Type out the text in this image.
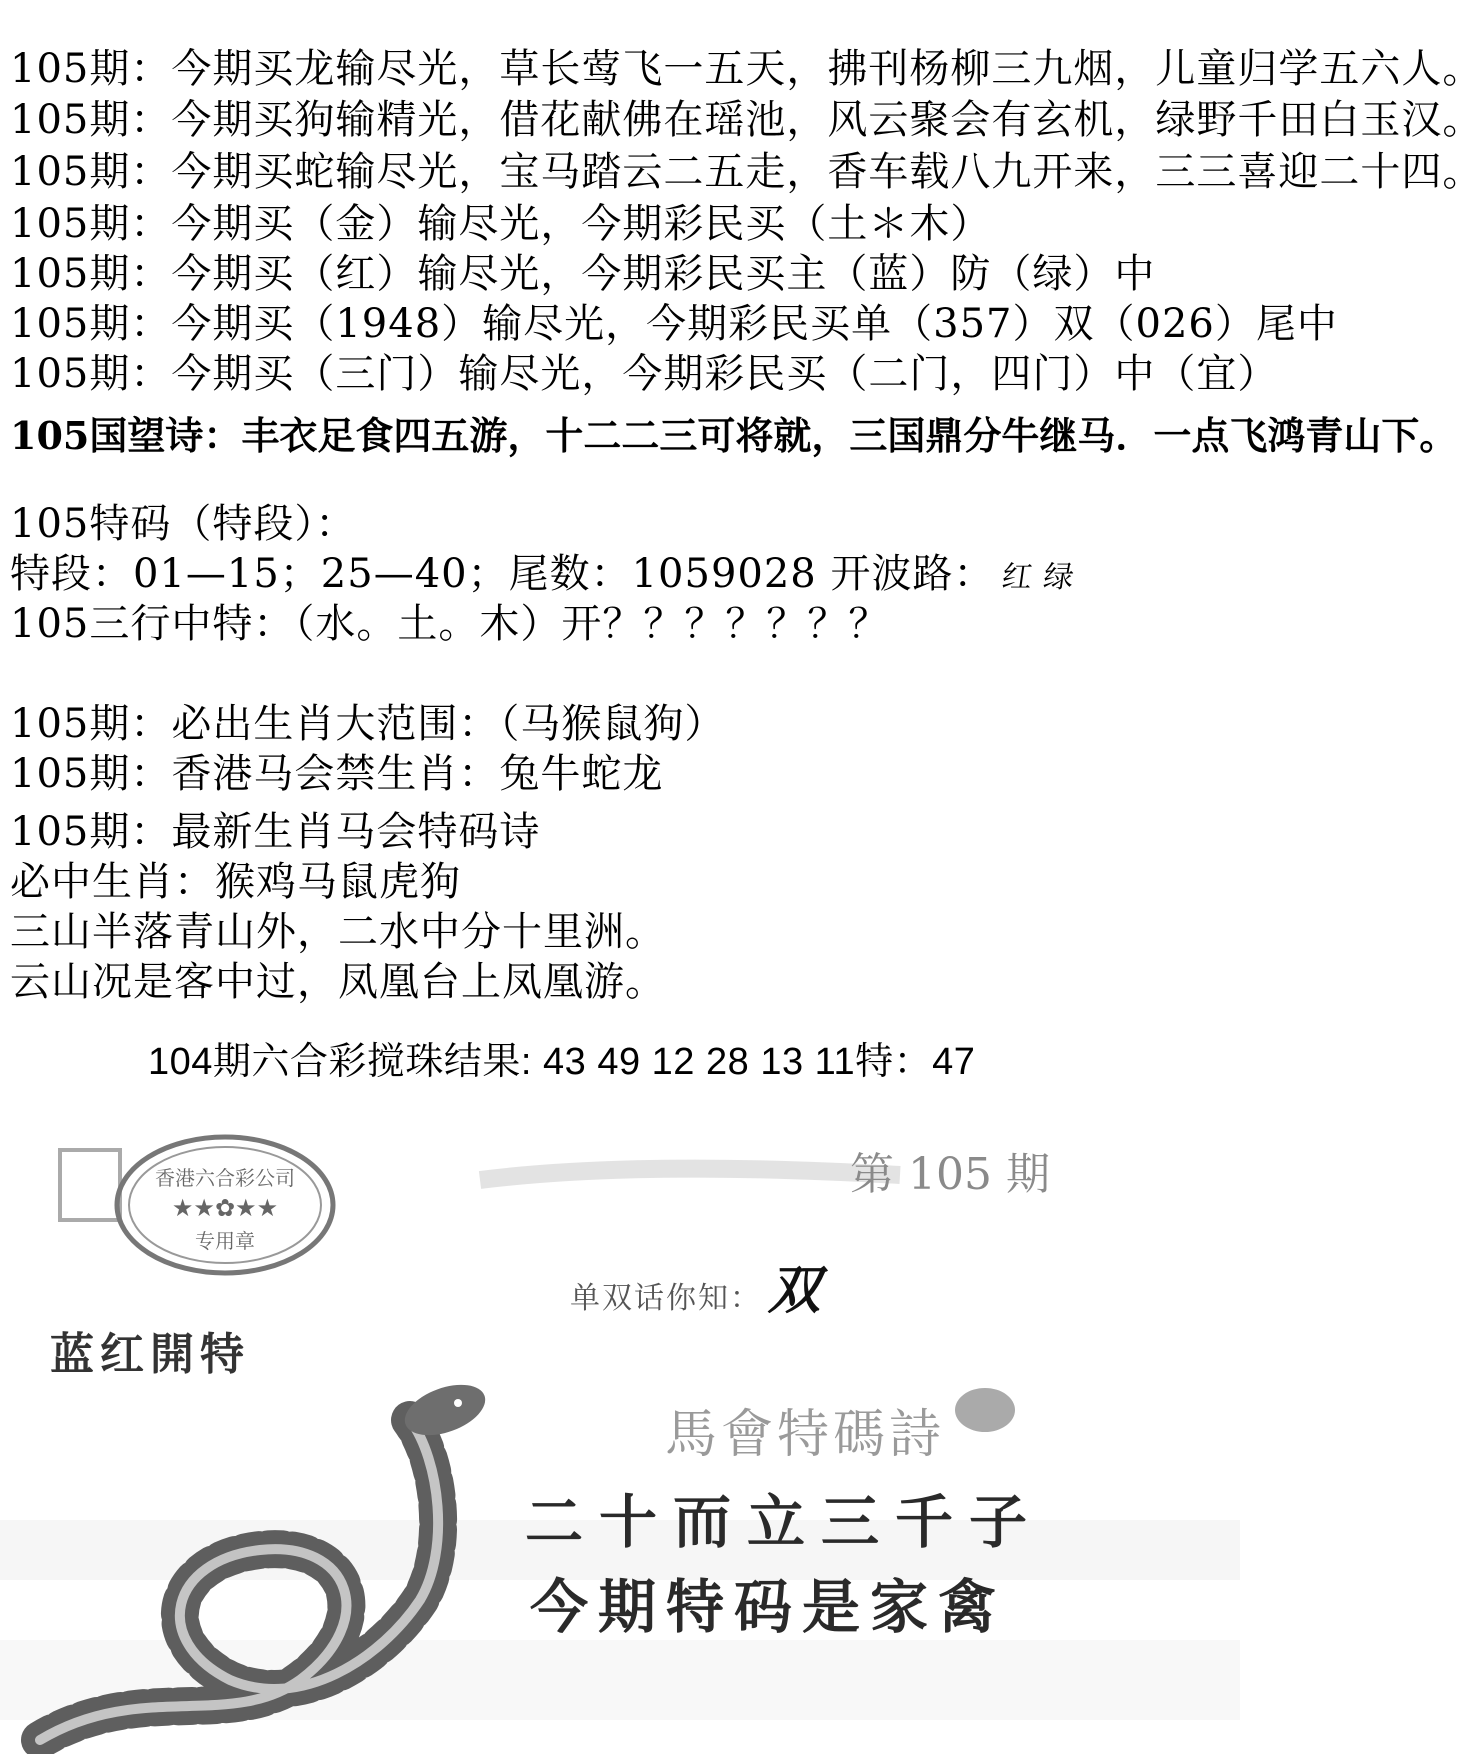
105期：今期买龙输尽光，草长莺飞一五天，拂刊杨柳三九烟，儿童归学五六人。
105期：今期买狗输精光，借花献佛在瑶池，风云聚会有玄机，绿野千田白玉汉。
105期：今期买蛇输尽光，宝马踏云二五走，香车载八九开来，三三喜迎二十四。
105期：今期买（金）输尽光，今期彩民买（土＊木）
105期：今期买（红）输尽光，今期彩民买主（蓝）防（绿）中
105期：今期买（1948）输尽光，今期彩民买单（357）双（026）尾中
105期：今期买（三门）输尽光，今期彩民买（二门，四门）中（宜）
105国望诗：丰衣足食四五游，十二二三可将就，三国鼎分牛继马．一点飞鸿青山下。
105特码（特段）：
特段：01—15；25—40；尾数：1059028 开波路： 红 绿
105三行中特：（水。土。木）开？？？？？？？
105期：必出生肖大范围：（马猴鼠狗）
105期：香港马会禁生肖：兔牛蛇龙
105期：最新生肖马会特码诗
必中生肖：猴鸡马鼠虎狗
三山半落青山外，二水中分十里洲。
云山况是客中过，凤凰台上凤凰游。
104期六合彩搅珠结果: 43 49 12 28 13 11特：47
香港六合彩公司
★★✿★★
专用章
第 105 期
单双话你知： 双
蓝红開特
馬會特碼詩
二十而立三千子
今期特码是家禽
